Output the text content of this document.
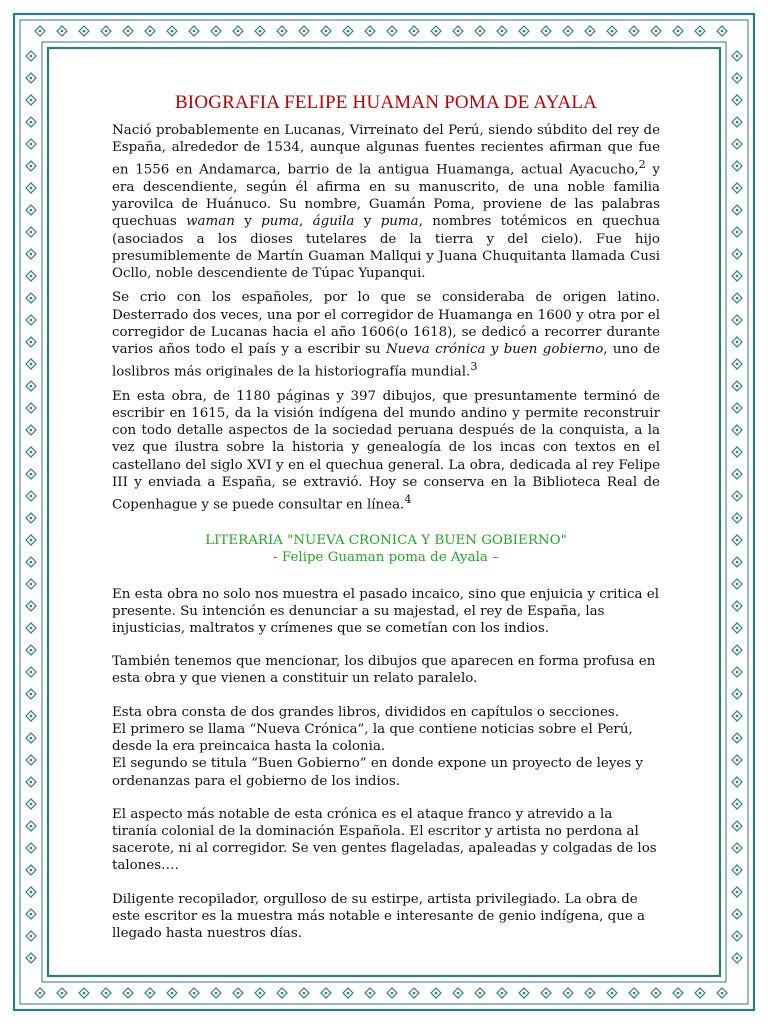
BIOGRAFIA FELIPE HUAMAN POMA DE AYALA

Nació probablemente en Lucanas, Virreinato del Perú, siendo súbdito del rey de España, alrededor de 1534, aunque algunas fuentes recientes afirman que fue en 1556 en Andamarca, barrio de la antigua Huamanga, actual Ayacucho,$^2$ y era descendiente, según él afirma en su manuscrito, de una noble familia yarovilca de Huánuco. Su nombre, Guamán Poma, proviene de las palabras quechuas waman y puma, águila y puma, nombres totémicos en quechua (asociados a los dioses tutelares de la tierra y del cielo). Fue hijo presumiblemente de Martín Guaman Mallqui y Juana Chuquitanta llamada Cusi Ocllo, noble descendiente de Túpac Yupanqui.

Se crio con los españoles, por lo que se consideraba de origen latino. Desterrado dos veces, una por el corregidor de Huamanga en 1600 y otra por el corregidor de Lucanas hacia el año 1606(o 1618), se dedicó a recorrer durante varios años todo el país y a escribir su Nueva crónica y buen gobierno, uno de loslibros más originales de la historiografía mundial.$^3$

En esta obra, de 1180 páginas y 397 dibujos, que presuntamente terminó de escribir en 1615, da la visión indígena del mundo andino y permite reconstruir con todo detalle aspectos de la sociedad peruana después de la conquista, a la vez que ilustra sobre la historia y genealogía de los incas con textos en el castellano del siglo XVI y en el quechua general. La obra, dedicada al rey Felipe III y enviada a España, se extravió. Hoy se conserva en la Biblioteca Real de Copenhague y se puede consultar en línea.$^4$

LITERARIA "NUEVA CRONICA Y BUEN GOBIERNO"

- Felipe Guaman poma de Ayala –

En esta obra no solo nos muestra el pasado incaico, sino que enjuicia y critica el presente. Su intención es denunciar a su majestad, el rey de España, las injusticias, maltratos y crímenes que se cometían con los indios.

También tenemos que mencionar, los dibujos que aparecen en forma profusa en esta obra y que vienen a constituir un relato paralelo.

Esta obra consta de dos grandes libros, divididos en capítulos o secciones.

El primero se llama “Nueva Crónica”, la que contiene noticias sobre el Perú, desde la era preincaica hasta la colonia.

El segundo se titula “Buen Gobierno” en donde expone un proyecto de leyes y ordenanzas para el gobierno de los indios.

El aspecto más notable de esta crónica es el ataque franco y atrevido a la tiranía colonial de la dominación Española. El escritor y artista no perdona al sacerote, ni al corregidor. Se ven gentes flageladas, apaleadas y colgadas de los talones….

Diligente recopilador, orgulloso de su estirpe, artista privilegiado. La obra de este escritor es la muestra más notable e interesante de genio indígena, que a llegado hasta nuestros días.
